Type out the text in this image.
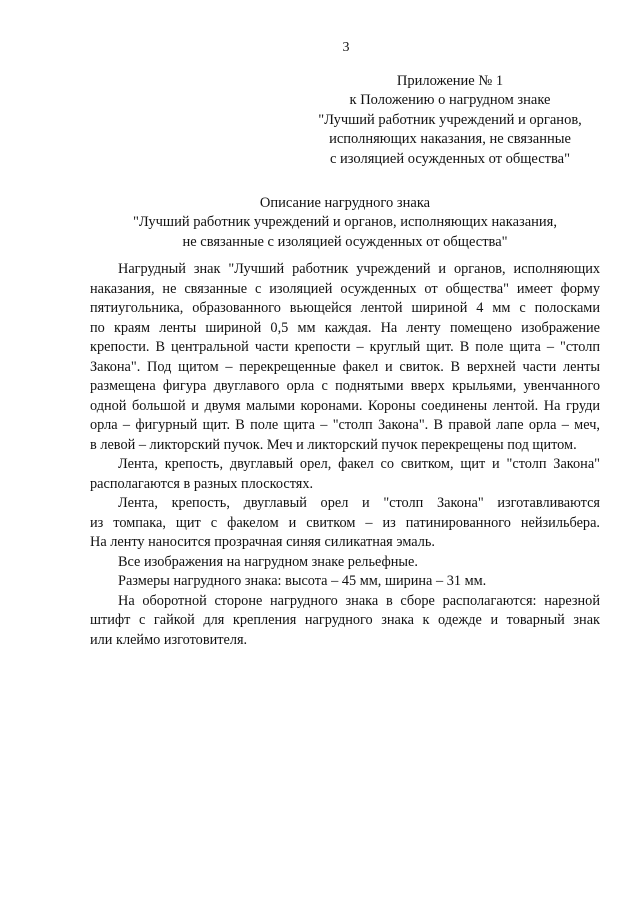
3
Приложение № 1
к Положению о нагрудном знаке
"Лучший работник учреждений и органов,
исполняющих наказания, не связанные
с изоляцией осужденных от общества"
Описание нагрудного знака
"Лучший работник учреждений и органов, исполняющих наказания,
не связанные с изоляцией осужденных от общества"

Нагрудный знак "Лучший работник учреждений и органов, исполняющих
наказания, не связанные с изоляцией осужденных от общества" имеет форму
пятиугольника, образованного вьющейся лентой шириной 4 мм с полосками
по краям ленты шириной 0,5 мм каждая. На ленту помещено изображение
крепости. В центральной части крепости – круглый щит. В поле щита – "столп
Закона". Под щитом – перекрещенные факел и свиток. В верхней части ленты
размещена фигура двуглавого орла с поднятыми вверх крыльями, увенчанного
одной большой и двумя малыми коронами. Короны соединены лентой. На груди
орла – фигурный щит. В поле щита – "столп Закона". В правой лапе орла – меч,
в левой – ликторский пучок. Меч и ликторский пучок перекрещены под щитом.

Лента, крепость, двуглавый орел, факел со свитком, щит и "столп Закона"
располагаются в разных плоскостях.

Лента, крепость, двуглавый орел и "столп Закона" изготавливаются
из томпака, щит с факелом и свитком – из патинированного нейзильбера.
На ленту наносится прозрачная синяя силикатная эмаль.

Все изображения на нагрудном знаке рельефные.

Размеры нагрудного знака: высота – 45 мм, ширина – 31 мм.

На оборотной стороне нагрудного знака в сборе располагаются: нарезной
штифт с гайкой для крепления нагрудного знака к одежде и товарный знак
или клеймо изготовителя.
